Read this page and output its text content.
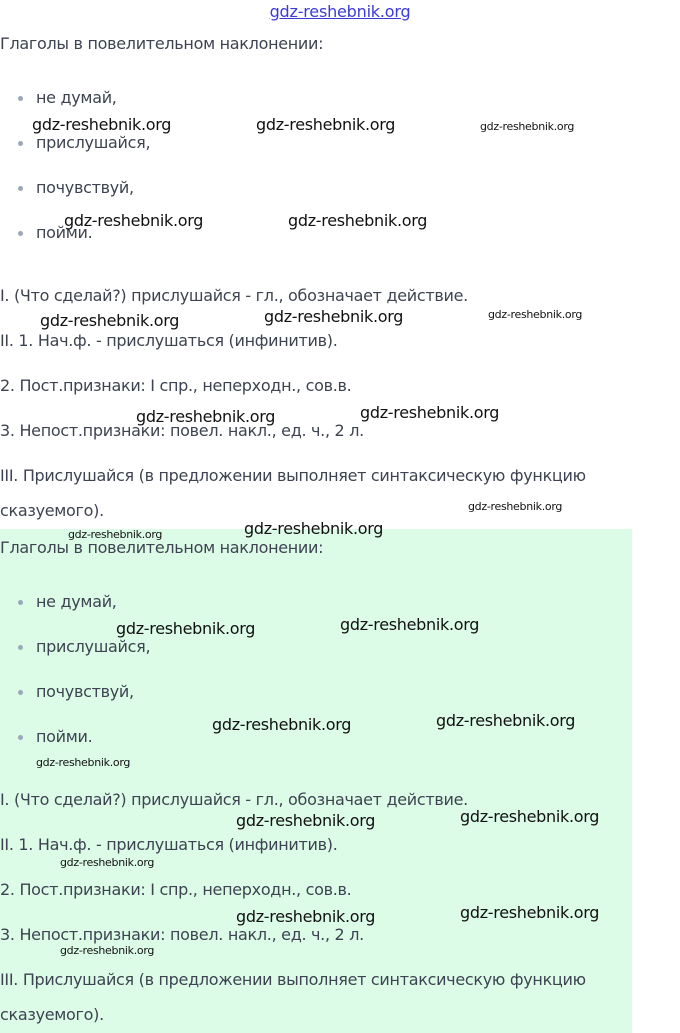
gdz-reshebnik.org
Глаголы в повелительном наклонении:
не думай,
прислушайся,
почувствуй,
пойми.
I. (Что сделай?) прислушайся - гл., обозначает действие.
II. 1. Нач.ф. - прислушаться (инфинитив).
2. Пост.признаки: I спр., неперходн., сов.в.
3. Непост.признаки: повел. накл., ед. ч., 2 л.
III. Прислушайся (в предложении выполняет синтаксическую функцию
сказуемого).
Глаголы в повелительном наклонении:
не думай,
прислушайся,
почувствуй,
пойми.
I. (Что сделай?) прислушайся - гл., обозначает действие.
II. 1. Нач.ф. - прислушаться (инфинитив).
2. Пост.признаки: I спр., неперходн., сов.в.
3. Непост.признаки: повел. накл., ед. ч., 2 л.
III. Прислушайся (в предложении выполняет синтаксическую функцию
сказуемого).
gdz-reshebnik.org	gdz-reshebnik.org	gdz-reshebnik.org
gdz-reshebnik.org	gdz-reshebnik.org
gdz-reshebnik.org	gdz-reshebnik.org	gdz-reshebnik.org
gdz-reshebnik.org	gdz-reshebnik.org
gdz-reshebnik.org
gdz-reshebnik.org
gdz-reshebnik.org
gdz-reshebnik.org	gdz-reshebnik.org
gdz-reshebnik.org	gdz-reshebnik.org
gdz-reshebnik.org
gdz-reshebnik.org	gdz-reshebnik.org
gdz-reshebnik.org
gdz-reshebnik.org	gdz-reshebnik.org
gdz-reshebnik.org
